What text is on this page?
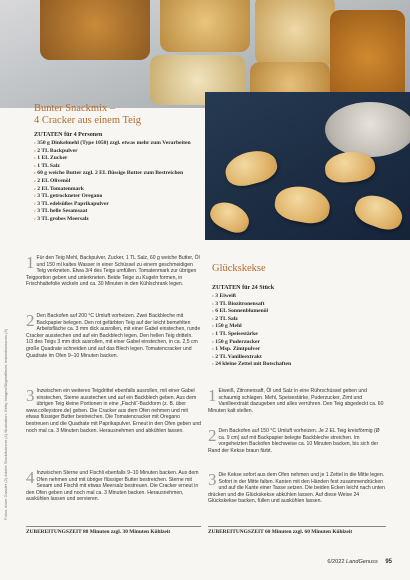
Fotos: Anne Gassler (2) Adobe Stock/komenr (1) Illustration: Getty Images/Stigmafilmet; Instant/seasons (3)
Bunter Snackmix –
4 Cracker aus einem Teig
ZUTATEN für 4 Personen
› 350 g Dinkelmehl (Type 1050) zzgl. etwas mehr zum Verarbeiten
› 2 TL Backpulver
› 1 EL Zucker
› 1 TL Salz
› 60 g weiche Butter zzgl. 2 EL flüssige Butter zum Bestreichen
› 2 EL Olivenöl
› 2 EL Tomatenmark
› 3 TL getrockneter Oregano
› 3 TL edelsüßes Paprikapulver
› 3 TL helle Sesamsaat
› 3 TL grobes Meersalz
1 Für den Teig Mehl, Backpulver, Zucker, 1 TL Salz, 60 g weiche Butter, Öl und 150 ml kaltes Wasser in einer Schüssel zu einem geschmeidigen Teig verkneten. Etwa 3/4 des Teigs umfüllen. Tomatenmark zur übrigen Teigportion geben und unterkneten. Beide Teige zu Kugeln formen, in Frischhaltefolie wickeln und ca. 30 Minuten in den Kühlschrank legen.
2 Den Backofen auf 200 °C Umluft vorheizen. Zwei Backbleche mit Backpapier belegen. Den rot gefärbten Teig auf der leicht bemehlten Arbeitsfläche ca. 3 mm dick ausrollen, mit einer Gabel einstechen, runde Cracker ausstechen und auf ein Backblech legen. Den hellen Teig dritteln. 1/3 des Teigs 3 mm dick ausrollen, mit einer Gabel einstechen, in ca. 2,5 cm große Quadrate schneiden und auf das Blech legen. Tomatencracker und Quadrate im Ofen 9–10 Minuten backen.
3 Inzwischen ein weiteres Teigdrittel ebenfalls ausrollen, mit einer Gabel einstechen, Sterne ausstechen und auf ein Backblech geben. Aus dem übrigen Teig kleine Portionen in eine „Fischli“-Backform (z. B. über www.colleystore.de) geben. Die Cracker aus dem Ofen nehmen und mit etwas flüssiger Butter bestreichen. Die Tomatencracker mit Oregano bestreuen und die Quadrate mit Paprikapulver. Erneut in den Ofen geben und noch mal ca. 3 Minuten backen. Herausnehmen und abkühlen lassen.
4 Inzwischen Sterne und Fischli ebenfalls 9–10 Minuten backen. Aus dem Ofen nehmen und mit übriger flüssiger Butter bestreichen. Sterne mit Sesam und Fischli mit etwas Meersalz bestreuen. Die Cracker erneut in den Ofen geben und noch mal ca. 3 Minuten backen. Herausnehmen, auskühlen lassen und servieren.
ZUBEREITUNGSZEIT 80 Minuten zzgl. 30 Minuten Kühlzeit
Glückskekse
ZUTATEN für 24 Stück
› 3 Eiweiß
› 3 TL Biozitronensaft
› 6 EL Sonnenblumenöl
› 2 TL Salz
› 150 g Mehl
› 1 TL Speisestärke
› 150 g Puderzucker
› 1 Msp. Zimtpulver
› 2 TL Vanilleextrakt
› 24 kleine Zettel mit Botschaften
1 Eiweiß, Zitronensaft, Öl und Salz in eine Rührschüssel geben und schaumig schlagen. Mehl, Speisestärke, Puderzucker, Zimt und Vanilleextrakt dazugeben und alles verrühren. Den Teig abgedeckt ca. 60 Minuten kalt stellen.
2 Den Backofen auf 150 °C Umluft vorheizen. Je 2 EL Teig kreisförmig (Ø ca. 9 cm) auf mit Backpapier belegte Backbleche streichen. Im vorgeheizten Backofen blechweise ca. 10 Minuten backen, bis sich der Rand der Kekse braun färbt.
3 Die Kekse sofort aus dem Ofen nehmen und je 1 Zettel in die Mitte legen. Sofort in der Mitte falten. Kanten mit den Händen fest zusammendrücken und auf die Kante einer Tasse setzen. Die beiden Ecken leicht nach unten drücken und die Glückskekse abkühlen lassen. Auf diese Weise 24 Glückskekse backen, füllen und auskühlen lassen.
ZUBEREITUNGSZEIT 60 Minuten zzgl. 60 Minuten Kühlzeit
6/2022 LandGenuss 95
